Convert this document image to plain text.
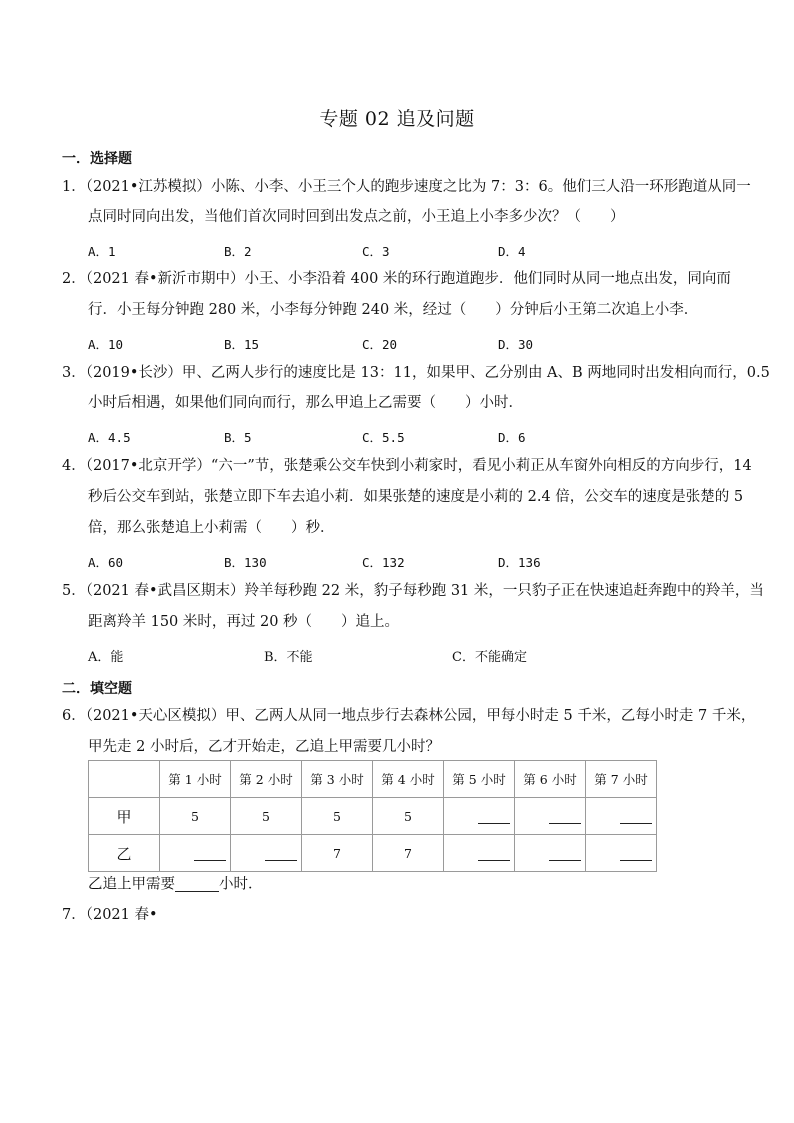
专题 02 追及问题
一．选择题
1．（2021•江苏模拟）小陈、小李、小王三个人的跑步速度之比为 7：3：6。他们三人沿一环形跑道从同一
点同时同向出发，当他们首次同时回到出发点之前，小王追上小李多少次？（　　）
A．1	B．2	C．3	D．4
2．（2021 春•新沂市期中）小王、小李沿着 400 米的环行跑道跑步．他们同时从同一地点出发，同向而
行．小王每分钟跑 280 米，小李每分钟跑 240 米，经过（　　）分钟后小王第二次追上小李．
A．10	B．15	C．20	D．30
3．（2019•长沙）甲、乙两人步行的速度比是 13：11，如果甲、乙分别由 A、B 两地同时出发相向而行，0.5
小时后相遇，如果他们同向而行，那么甲追上乙需要（　　）小时．
A．4.5	B．5	C．5.5	D．6
4．（2017•北京开学）“六一”节，张楚乘公交车快到小莉家时，看见小莉正从车窗外向相反的方向步行，14
秒后公交车到站，张楚立即下车去追小莉．如果张楚的速度是小莉的 2.4 倍，公交车的速度是张楚的 5
倍，那么张楚追上小莉需（　　）秒．
A．60	B．130	C．132	D．136
5．（2021 春•武昌区期末）羚羊每秒跑 22 米，豹子每秒跑 31 米，一只豹子正在快速追赶奔跑中的羚羊，当
距离羚羊 150 米时，再过 20 秒（　　）追上。
A．能	B．不能	C．不能确定
二．填空题
6．（2021•天心区模拟）甲、乙两人从同一地点步行去森林公园，甲每小时走 5 千米，乙每小时走 7 千米，
甲先走 2 小时后，乙才开始走，乙追上甲需要几小时？
	第 1 小时	第 2 小时	第 3 小时	第 4 小时	第 5 小时	第 6 小时	第 7 小时
甲	5	5	5	5			
乙			7	7			
乙追上甲需要	小时．
7．（2021 春•
